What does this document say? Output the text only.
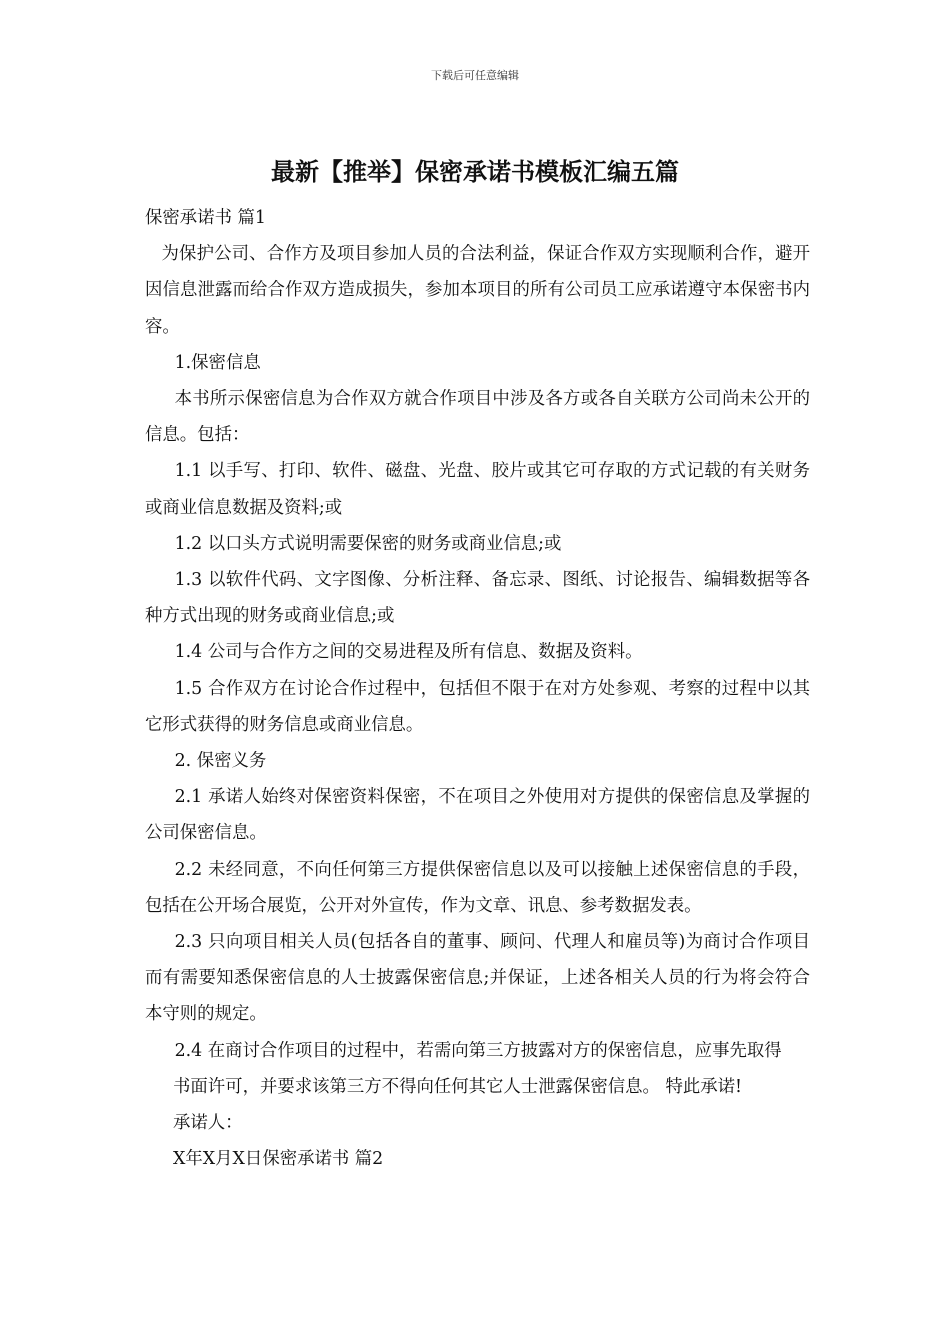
下载后可任意编辑
最新【推举】保密承诺书模板汇编五篇

保密承诺书 篇1

为保护公司、合作方及项目参加人员的合法利益，保证合作双方实现顺利合作，避开因信息泄露而给合作双方造成损失，参加本项目的所有公司员工应承诺遵守本保密书内容。

1.保密信息

本书所示保密信息为合作双方就合作项目中涉及各方或各自关联方公司尚未公开的信息。包括：

1.1 以手写、打印、软件、磁盘、光盘、胶片或其它可存取的方式记载的有关财务或商业信息数据及资料;或

1.2 以口头方式说明需要保密的财务或商业信息;或

1.3 以软件代码、文字图像、分析注释、备忘录、图纸、讨论报告、编辑数据等各种方式出现的财务或商业信息;或

1.4 公司与合作方之间的交易进程及所有信息、数据及资料。

1.5 合作双方在讨论合作过程中，包括但不限于在对方处参观、考察的过程中以其它形式获得的财务信息或商业信息。

2. 保密义务

2.1 承诺人始终对保密资料保密，不在项目之外使用对方提供的保密信息及掌握的公司保密信息。

2.2 未经同意，不向任何第三方提供保密信息以及可以接触上述保密信息的手段，包括在公开场合展览，公开对外宣传，作为文章、讯息、参考数据发表。

2.3 只向项目相关人员(包括各自的董事、顾问、代理人和雇员等)为商讨合作项目而有需要知悉保密信息的人士披露保密信息;并保证，上述各相关人员的行为将会符合本守则的规定。

2.4 在商讨合作项目的过程中，若需向第三方披露对方的保密信息，应事先取得

书面许可，并要求该第三方不得向任何其它人士泄露保密信息。 特此承诺!

承诺人：

X年X月X日保密承诺书 篇2
